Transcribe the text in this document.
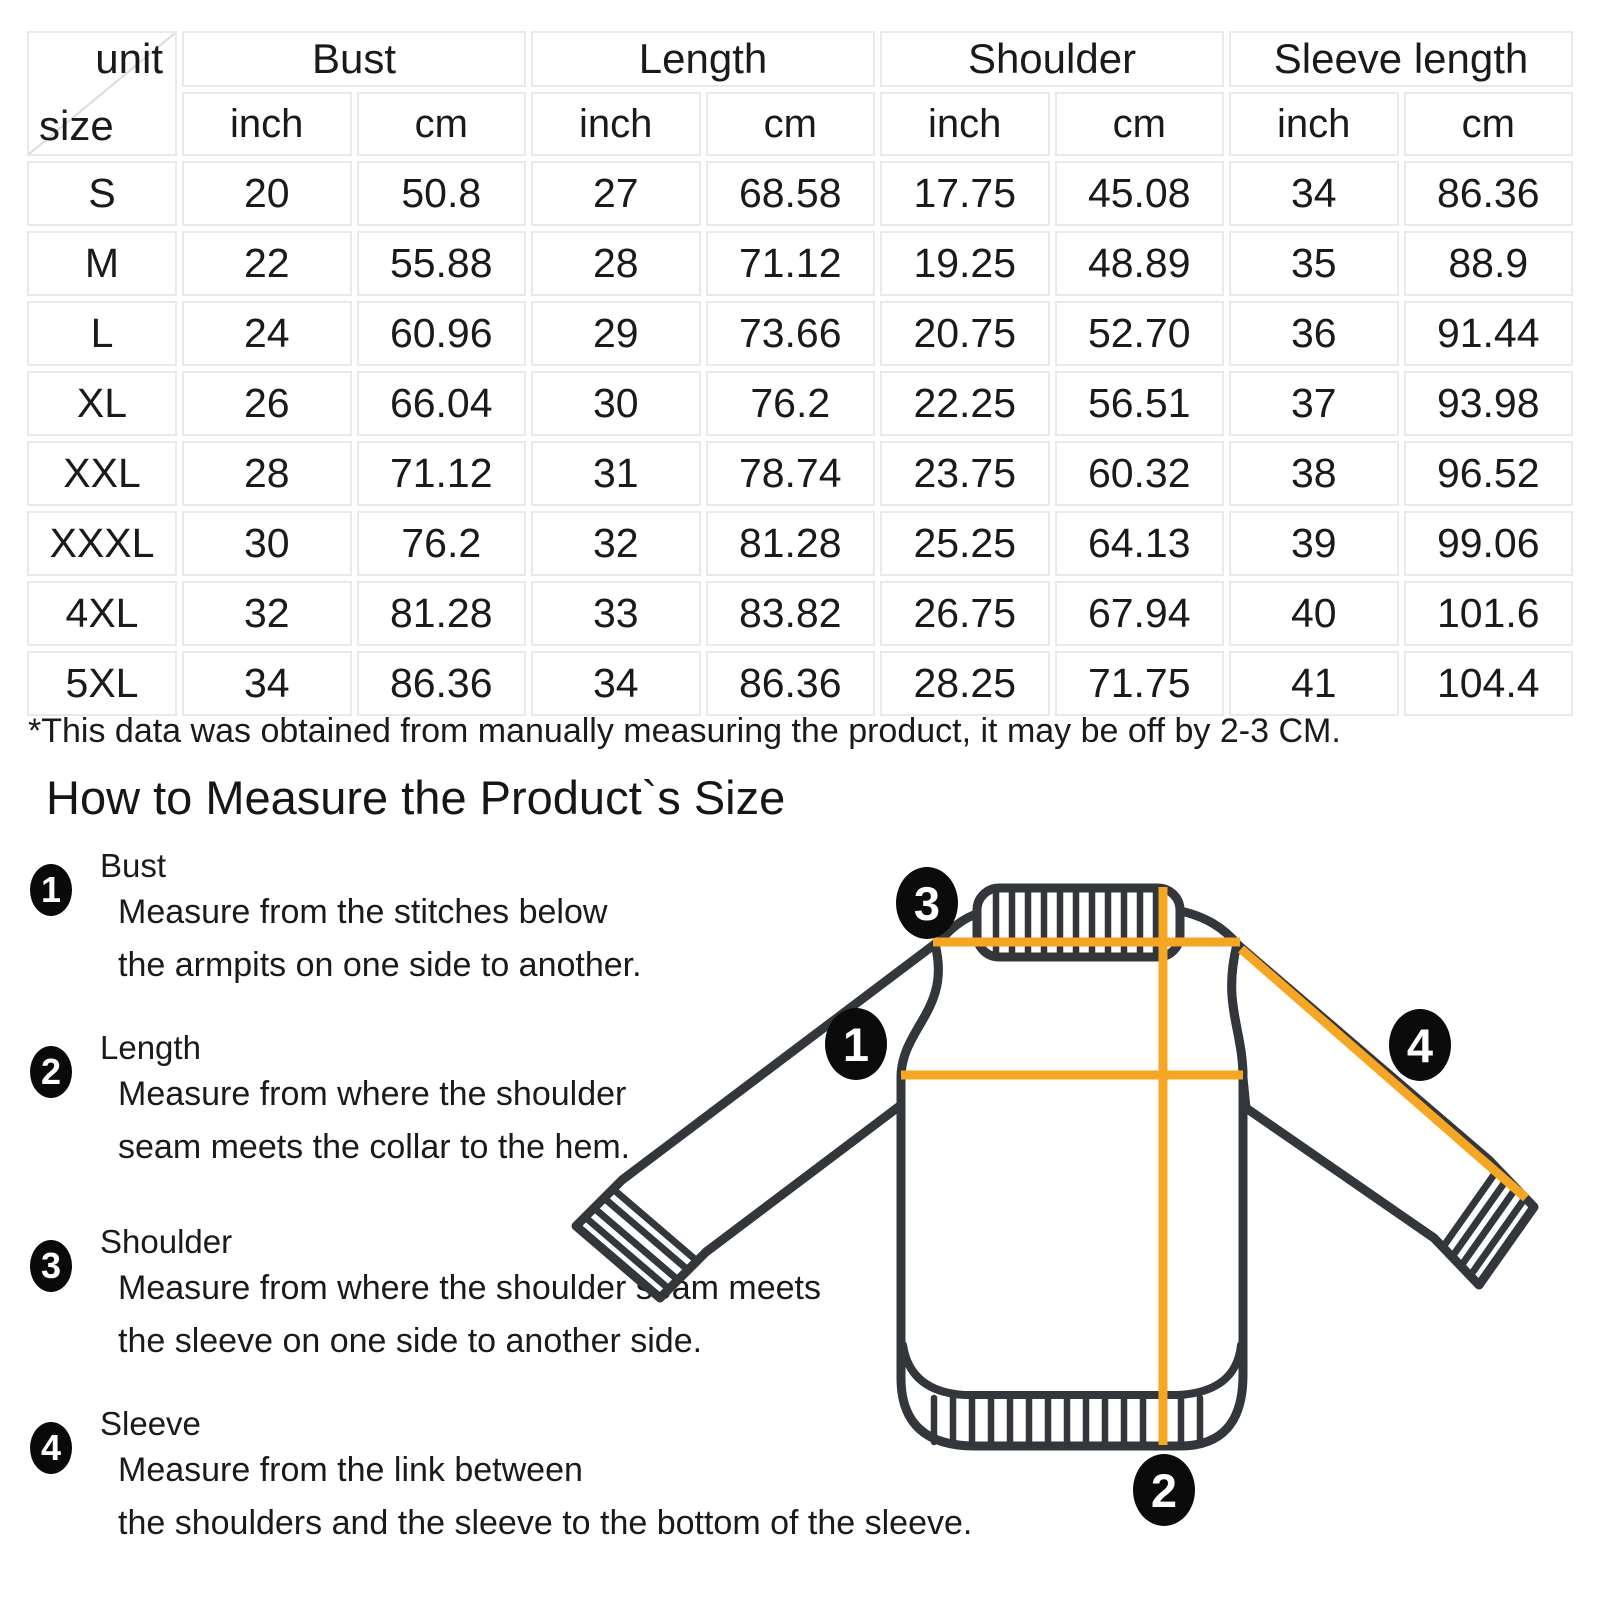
unit
size	Bust		Length		Shoulder		Sleeve length	
	inch	cm	inch	cm	inch	cm	inch	cm
S	20	50.8	27	68.58	17.75	45.08	34	86.36
M	22	55.88	28	71.12	19.25	48.89	35	88.9
L	24	60.96	29	73.66	20.75	52.70	36	91.44
XL	26	66.04	30	76.2	22.25	56.51	37	93.98
XXL	28	71.12	31	78.74	23.75	60.32	38	96.52
XXXL	30	76.2	32	81.28	25.25	64.13	39	99.06
4XL	32	81.28	33	83.82	26.75	67.94	40	101.6
5XL	34	86.36	34	86.36	28.25	71.75	41	104.4
*This data was obtained from manually measuring the product, it may be off by 2-3 CM.
How to Measure the Product`s Size
1
Bust
Measure from the stitches below
the armpits on one side to another.
2
Length
Measure from where the shoulder
seam meets the collar to the hem.
3
Shoulder
Measure from where the shoulder seam meets
the sleeve on one side to another side.
4
Sleeve
Measure from the link between
the shoulders and the sleeve to the bottom of the sleeve.
1
2
3
4
